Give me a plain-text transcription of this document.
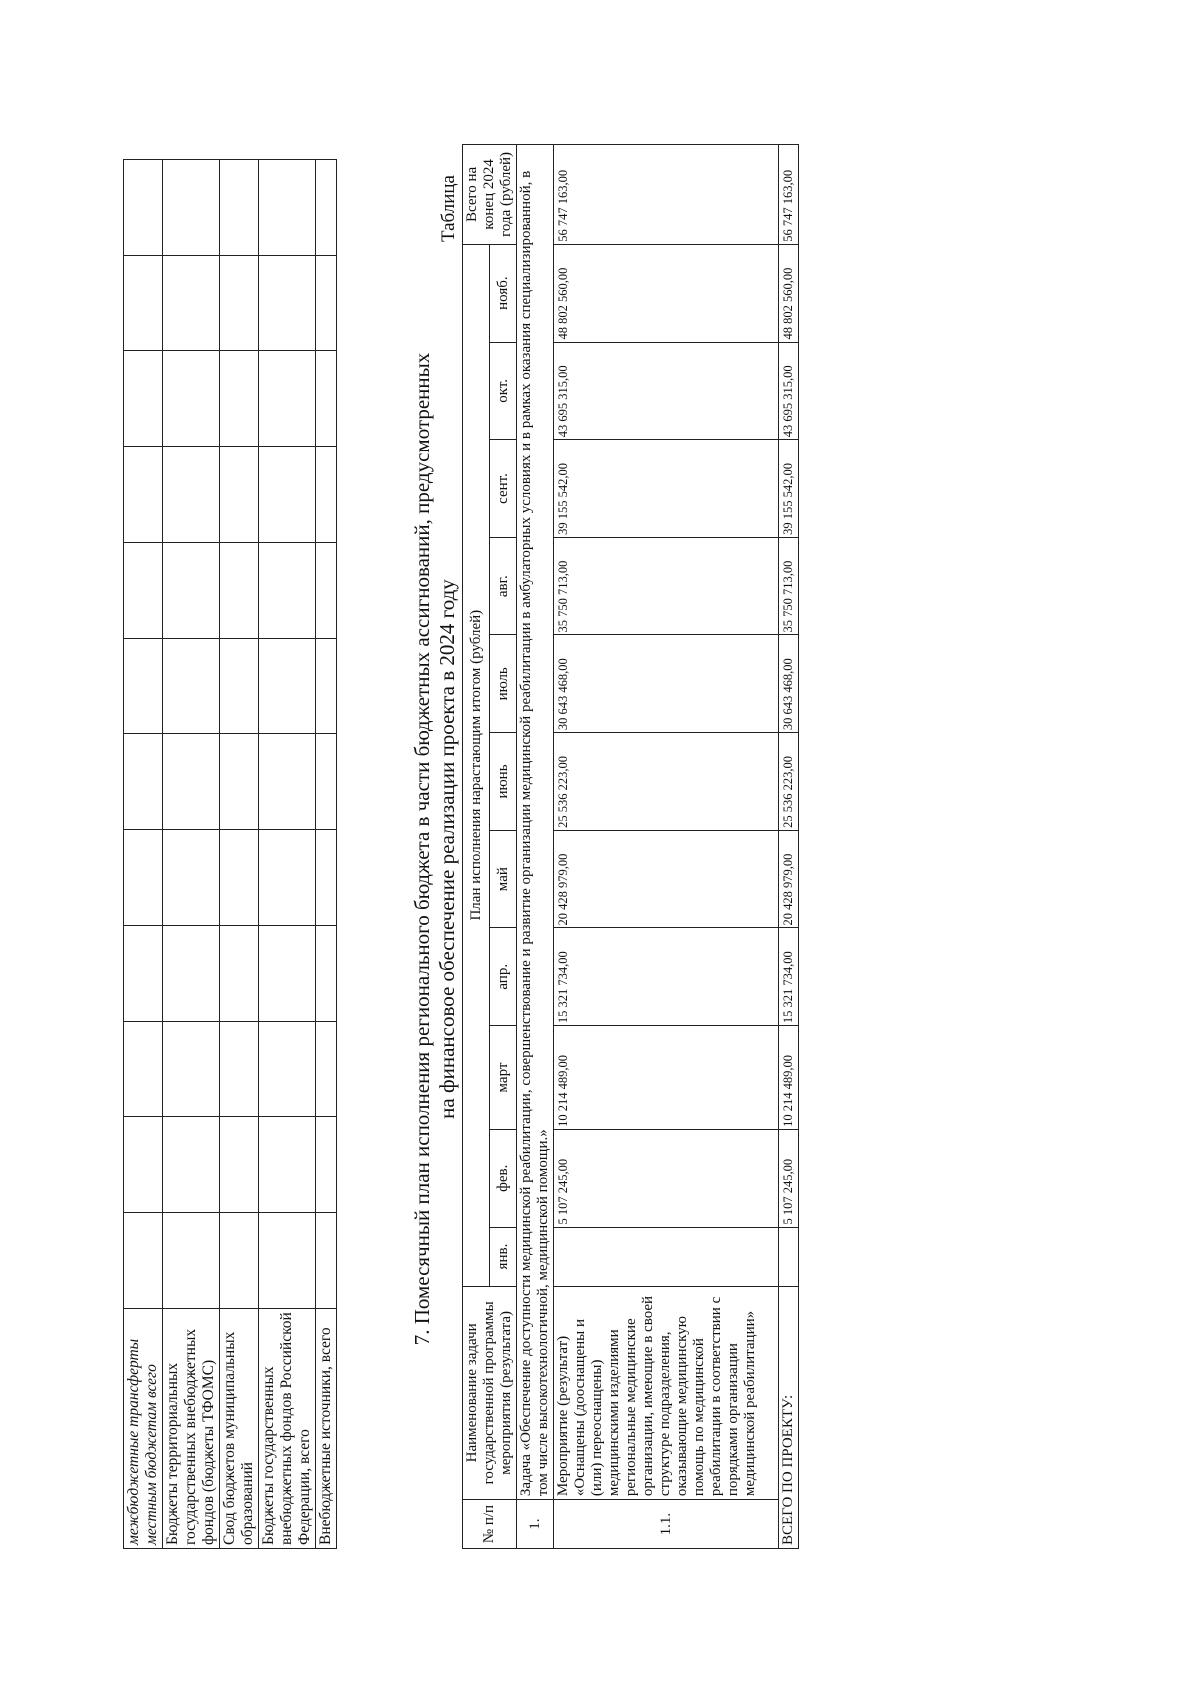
межбюджетные трансферты местным бюджетам всего												
Бюджеты территориальных государственных внебюджетных фондов (бюджеты ТФОМС)												
Свод бюджетов муниципальных образований												
Бюджеты государственных внебюджетных фондов Российской Федерации, всего												
Внебюджетные источники, всего												
7. Помесячный план исполнения регионального бюджета в части бюджетных ассигнований, предусмотренных на финансовое обеспечение реализации проекта в 2024 году
Таблица
№ п/п	Наименование задачи государственной программы мероприятия (результата)	План исполнения нарастающим итогом (рублей)											Всего на конец 2024 года (рублей)
		янв.	фев.	март	апр.	май	июнь	июль	авг.	сент.	окт.	нояб.	
1.	Задача «Обеспечение доступности медицинской реабилитации, совершенствование и развитие организации медицинской реабилитации в амбулаторных условиях и в рамках оказания специализированной, в том числе высокотехнологичной, медицинской помощи.»												
1.1.	Мероприятие (результат) «Оснащены (дооснащены и (или) переоснащены) медицинскими изделиями региональные медицинские организации, имеющие в своей структуре подразделения, оказывающие медицинскую помощь по медицинской реабилитации в соответствии с порядками организации медицинской реабилитации»		5 107 245,00	10 214 489,00	15 321 734,00	20 428 979,00	25 536 223,00	30 643 468,00	35 750 713,00	39 155 542,00	43 695 315,00	48 802 560,00	56 747 163,00
ВСЕГО ПО ПРОЕКТУ:			5 107 245,00	10 214 489,00	15 321 734,00	20 428 979,00	25 536 223,00	30 643 468,00	35 750 713,00	39 155 542,00	43 695 315,00	48 802 560,00	56 747 163,00
